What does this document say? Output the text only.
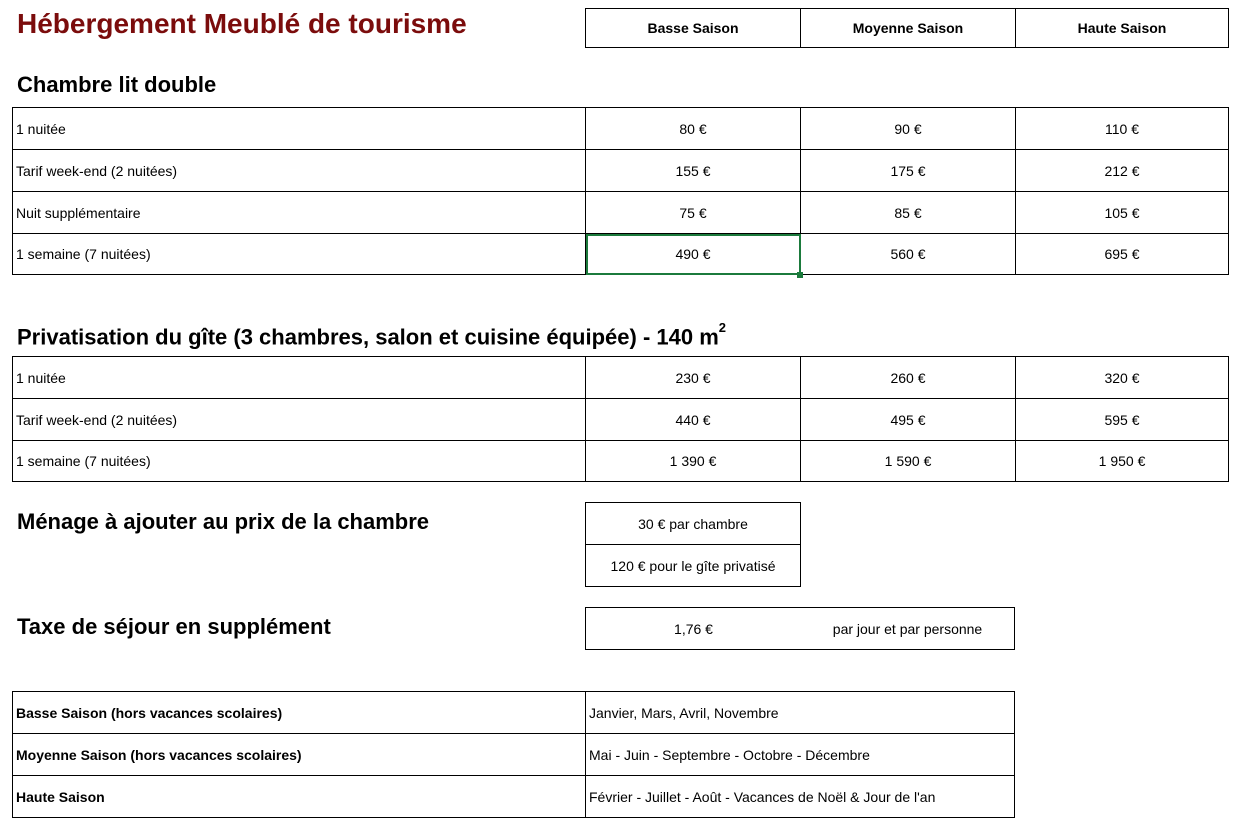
Hébergement Meublé de tourisme	Basse Saison	Moyenne Saison	Haute Saison
Chambre lit double
1 nuitée	80 €	90 €	110 €
Tarif week-end (2 nuitées)	155 €	175 €	212 €
Nuit supplémentaire	75 €	85 €	105 €
1 semaine (7 nuitées)	490 €	560 €	695 €
Privatisation du gîte (3 chambres, salon et cuisine équipée) - 140 $m^2$
1 nuitée	230 €	260 €	320 €
Tarif week-end (2 nuitées)	440 €	495 €	595 €
1 semaine (7 nuitées)	1 390 €	1 590 €	1 950 €
Ménage à ajouter au prix de la chambre	30 € par chambre
120 € pour le gîte privatisé
Taxe de séjour en supplément	1,76 €	par jour et par personne
Basse Saison (hors vacances scolaires)	Janvier, Mars, Avril, Novembre
Moyenne Saison (hors vacances scolaires)	Mai - Juin - Septembre - Octobre - Décembre
Haute Saison	Février - Juillet - Août - Vacances de Noël & Jour de l'an
